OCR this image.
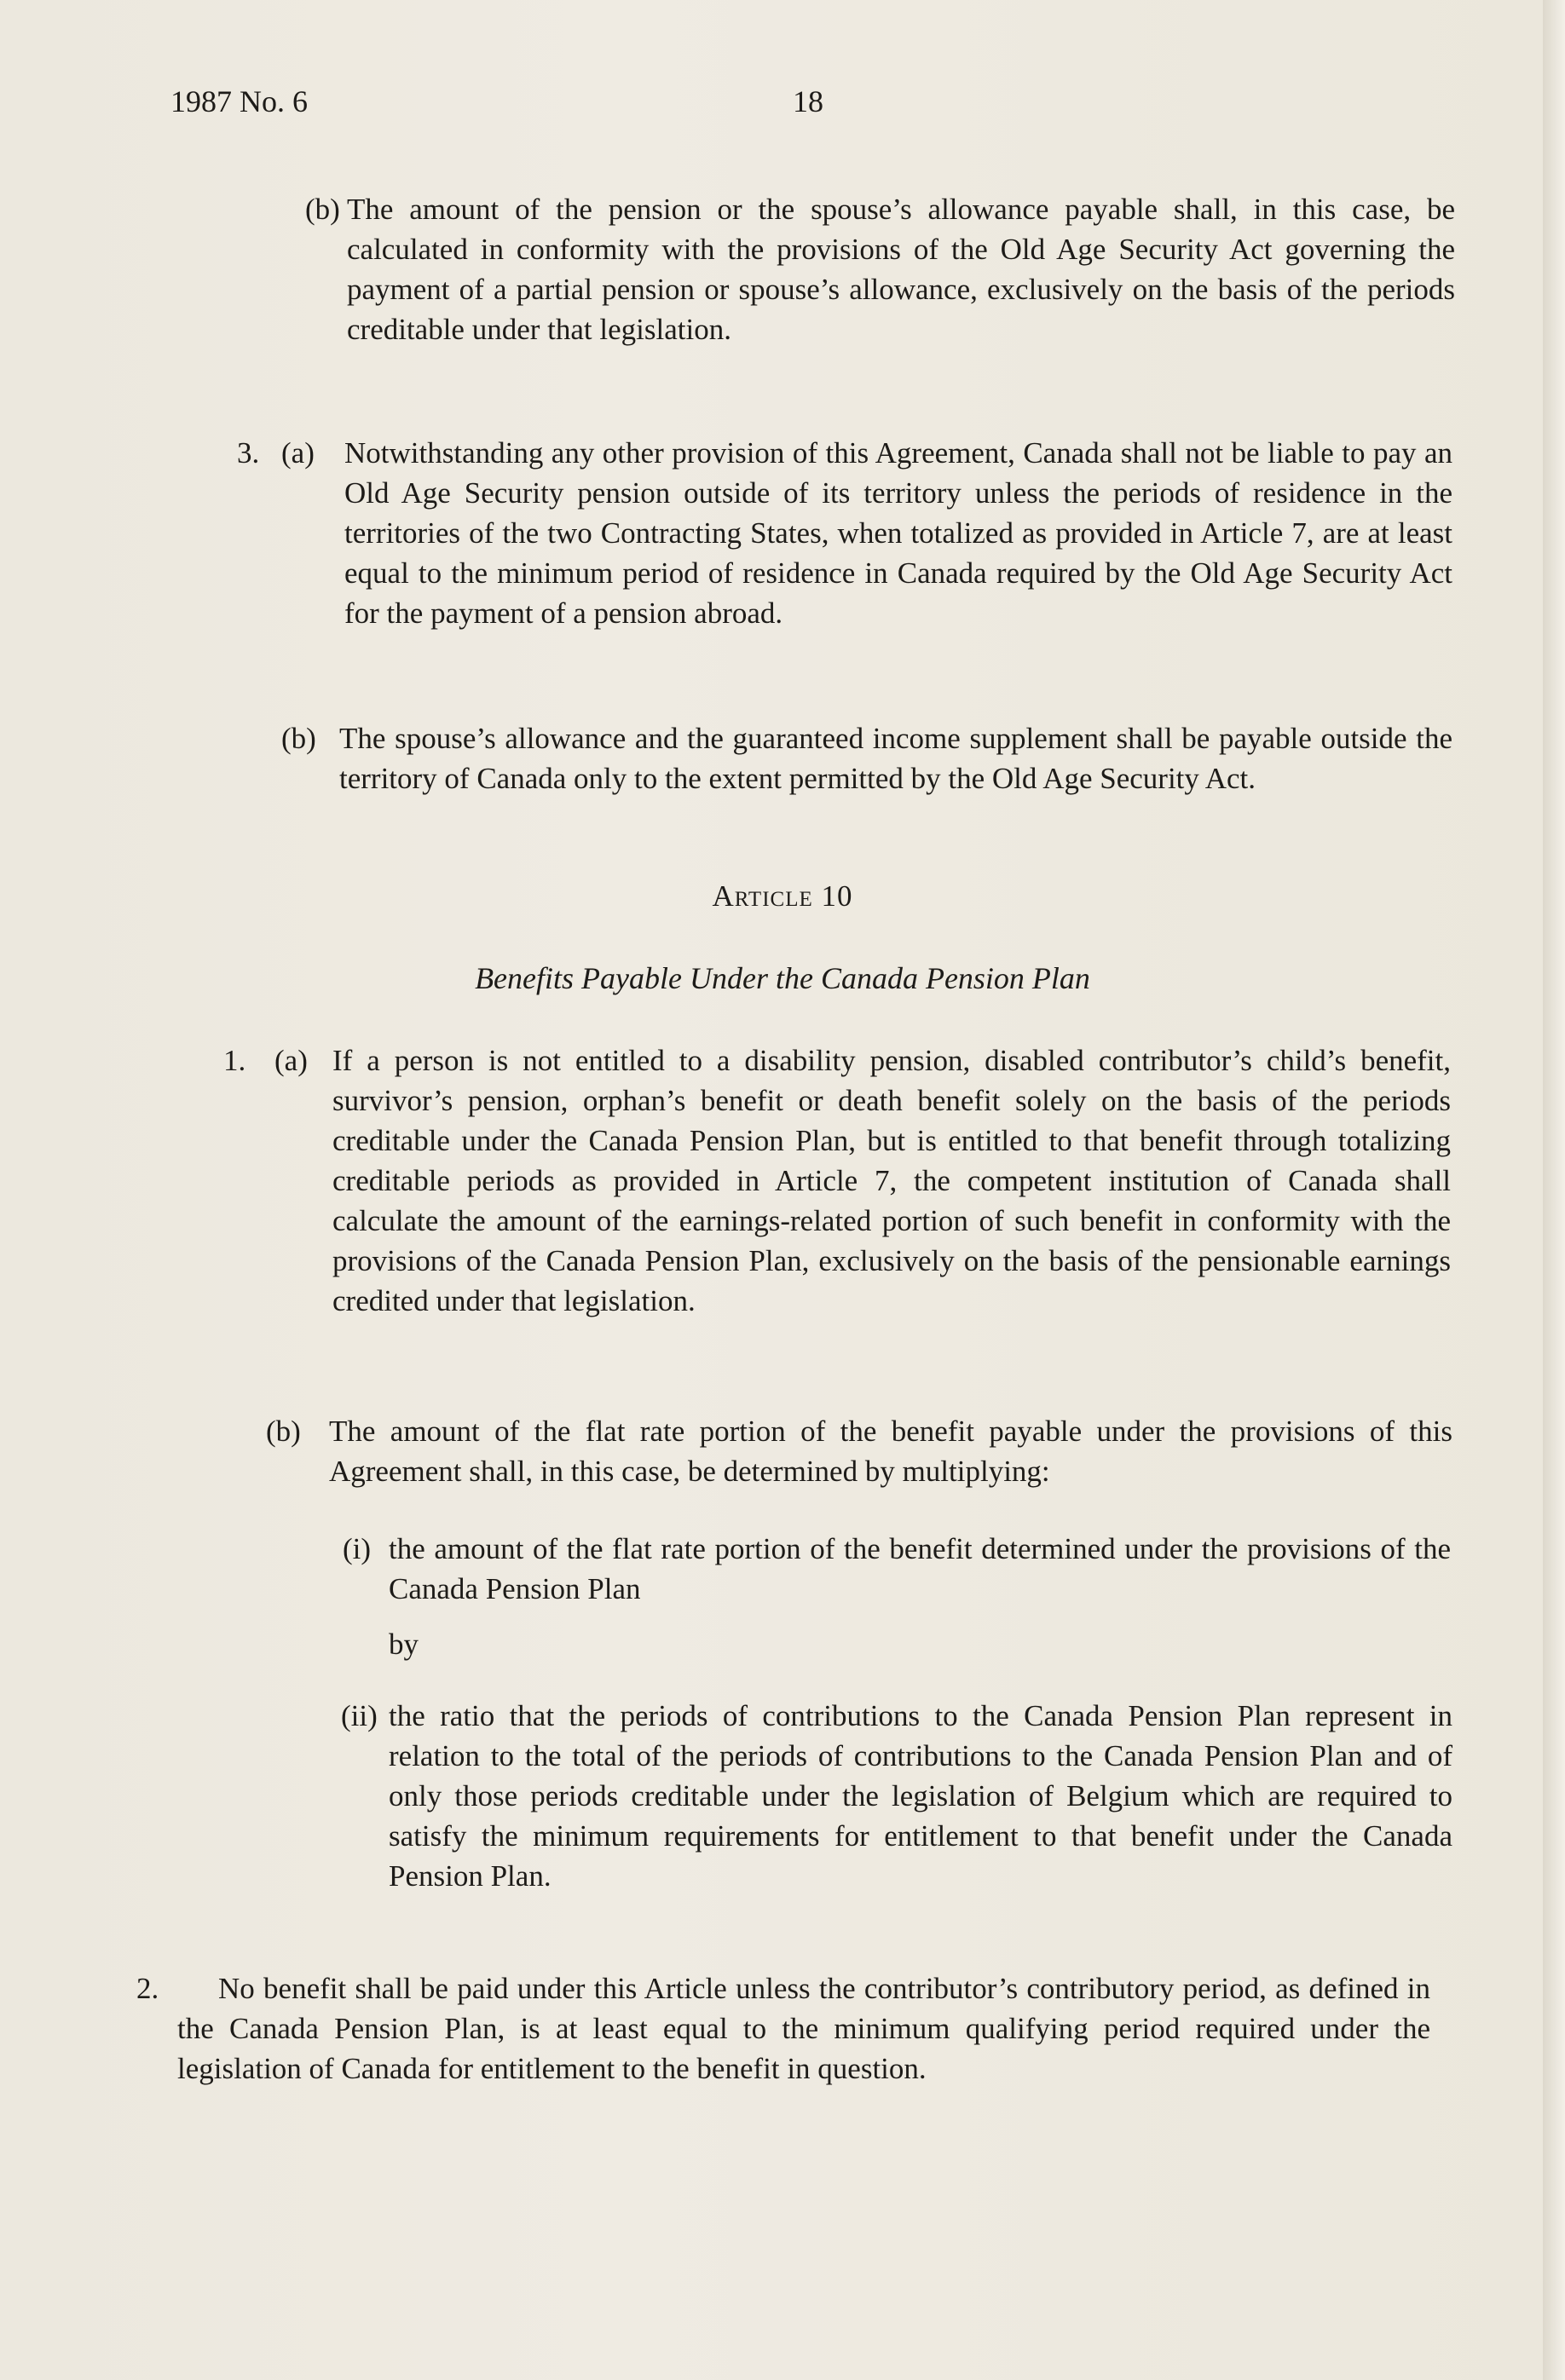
1987 No. 6	18
(b) The amount of the pension or the spouse’s allowance payable shall, in this case, be calculated in conformity with the provisions of the Old Age Security Act governing the payment of a partial pension or spouse’s allowance, exclusively on the basis of the periods creditable under that legislation.
3. (a) Notwithstanding any other provision of this Agreement, Canada shall not be liable to pay an Old Age Security pension outside of its territory unless the periods of residence in the territories of the two Contracting States, when totalized as provided in Article 7, are at least equal to the minimum period of residence in Canada required by the Old Age Security Act for the payment of a pension abroad.
(b) The spouse’s allowance and the guaranteed income supplement shall be payable outside the territory of Canada only to the extent permitted by the Old Age Security Act.
Article 10
Benefits Payable Under the Canada Pension Plan
1. (a) If a person is not entitled to a disability pension, disabled contributor’s child’s benefit, survivor’s pension, orphan’s benefit or death benefit solely on the basis of the periods creditable under the Canada Pension Plan, but is entitled to that benefit through totalizing creditable periods as provided in Article 7, the competent institution of Canada shall calculate the amount of the earnings-related portion of such benefit in conformity with the provisions of the Canada Pension Plan, exclusively on the basis of the pensionable earnings credited under that legislation.
(b) The amount of the flat rate portion of the benefit payable under the provisions of this Agreement shall, in this case, be determined by multiplying:
(i) the amount of the flat rate portion of the benefit determined under the provisions of the Canada Pension Plan
by
(ii) the ratio that the periods of contributions to the Canada Pension Plan represent in relation to the total of the periods of contributions to the Canada Pension Plan and of only those periods creditable under the legislation of Belgium which are required to satisfy the minimum requirements for entitlement to that benefit under the Canada Pension Plan.
2. No benefit shall be paid under this Article unless the contributor’s contributory period, as defined in the Canada Pension Plan, is at least equal to the minimum qualifying period required under the legislation of Canada for entitlement to the benefit in question.
